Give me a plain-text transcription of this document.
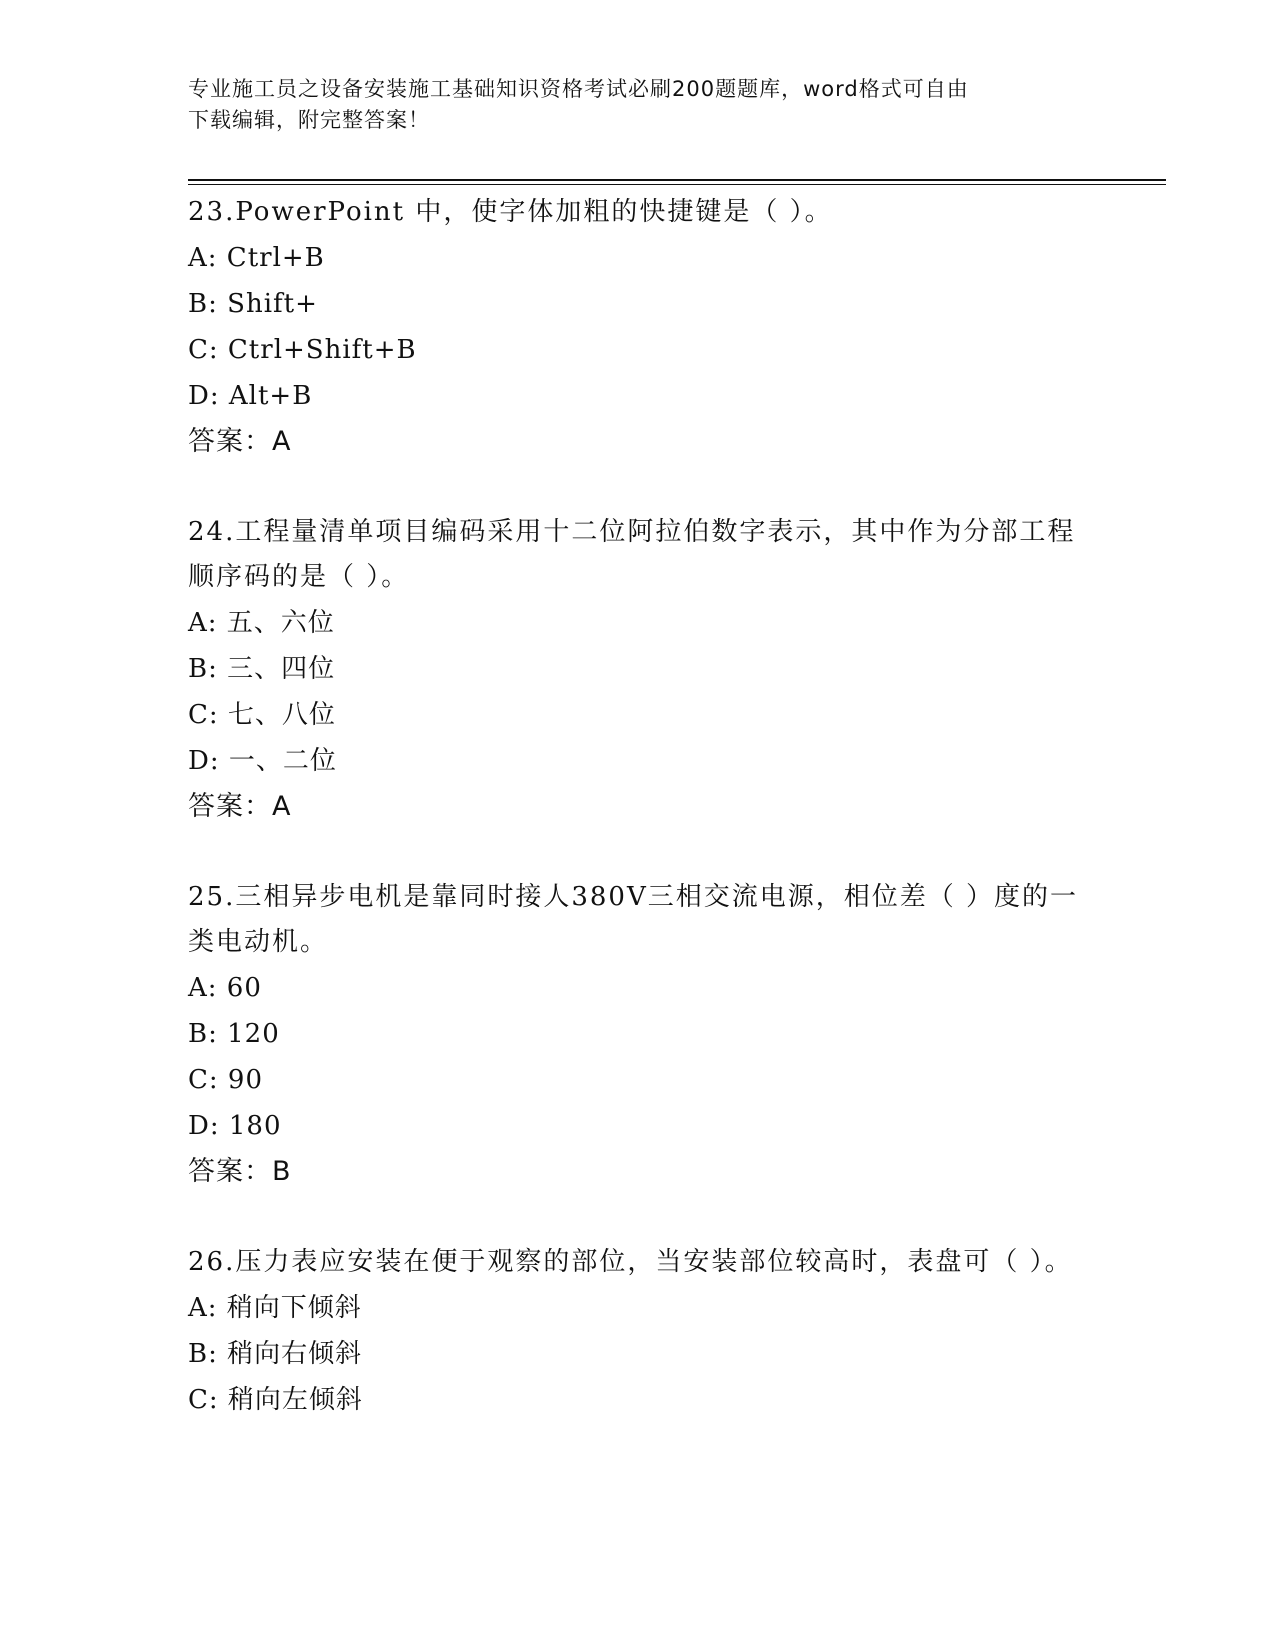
专业施工员之设备安装施工基础知识资格考试必刷200题题库，word格式可自由
下载编辑，附完整答案！
23.PowerPoint 中，使字体加粗的快捷键是（ ）。
A: Ctrl+B
B: Shift+
C: Ctrl+Shift+B
D: Alt+B
答案：A
24.工程量清单项目编码采用十二位阿拉伯数字表示，其中作为分部工程顺序码的是（ ）。
A: 五、六位
B: 三、四位
C: 七、八位
D: 一、二位
答案：A
25.三相异步电机是靠同时接人380V三相交流电源，相位差（ ）度的一类电动机。
A: 60
B: 120
C: 90
D: 180
答案：B
26.压力表应安装在便于观察的部位，当安装部位较高时，表盘可（ ）。
A: 稍向下倾斜
B: 稍向右倾斜
C: 稍向左倾斜
